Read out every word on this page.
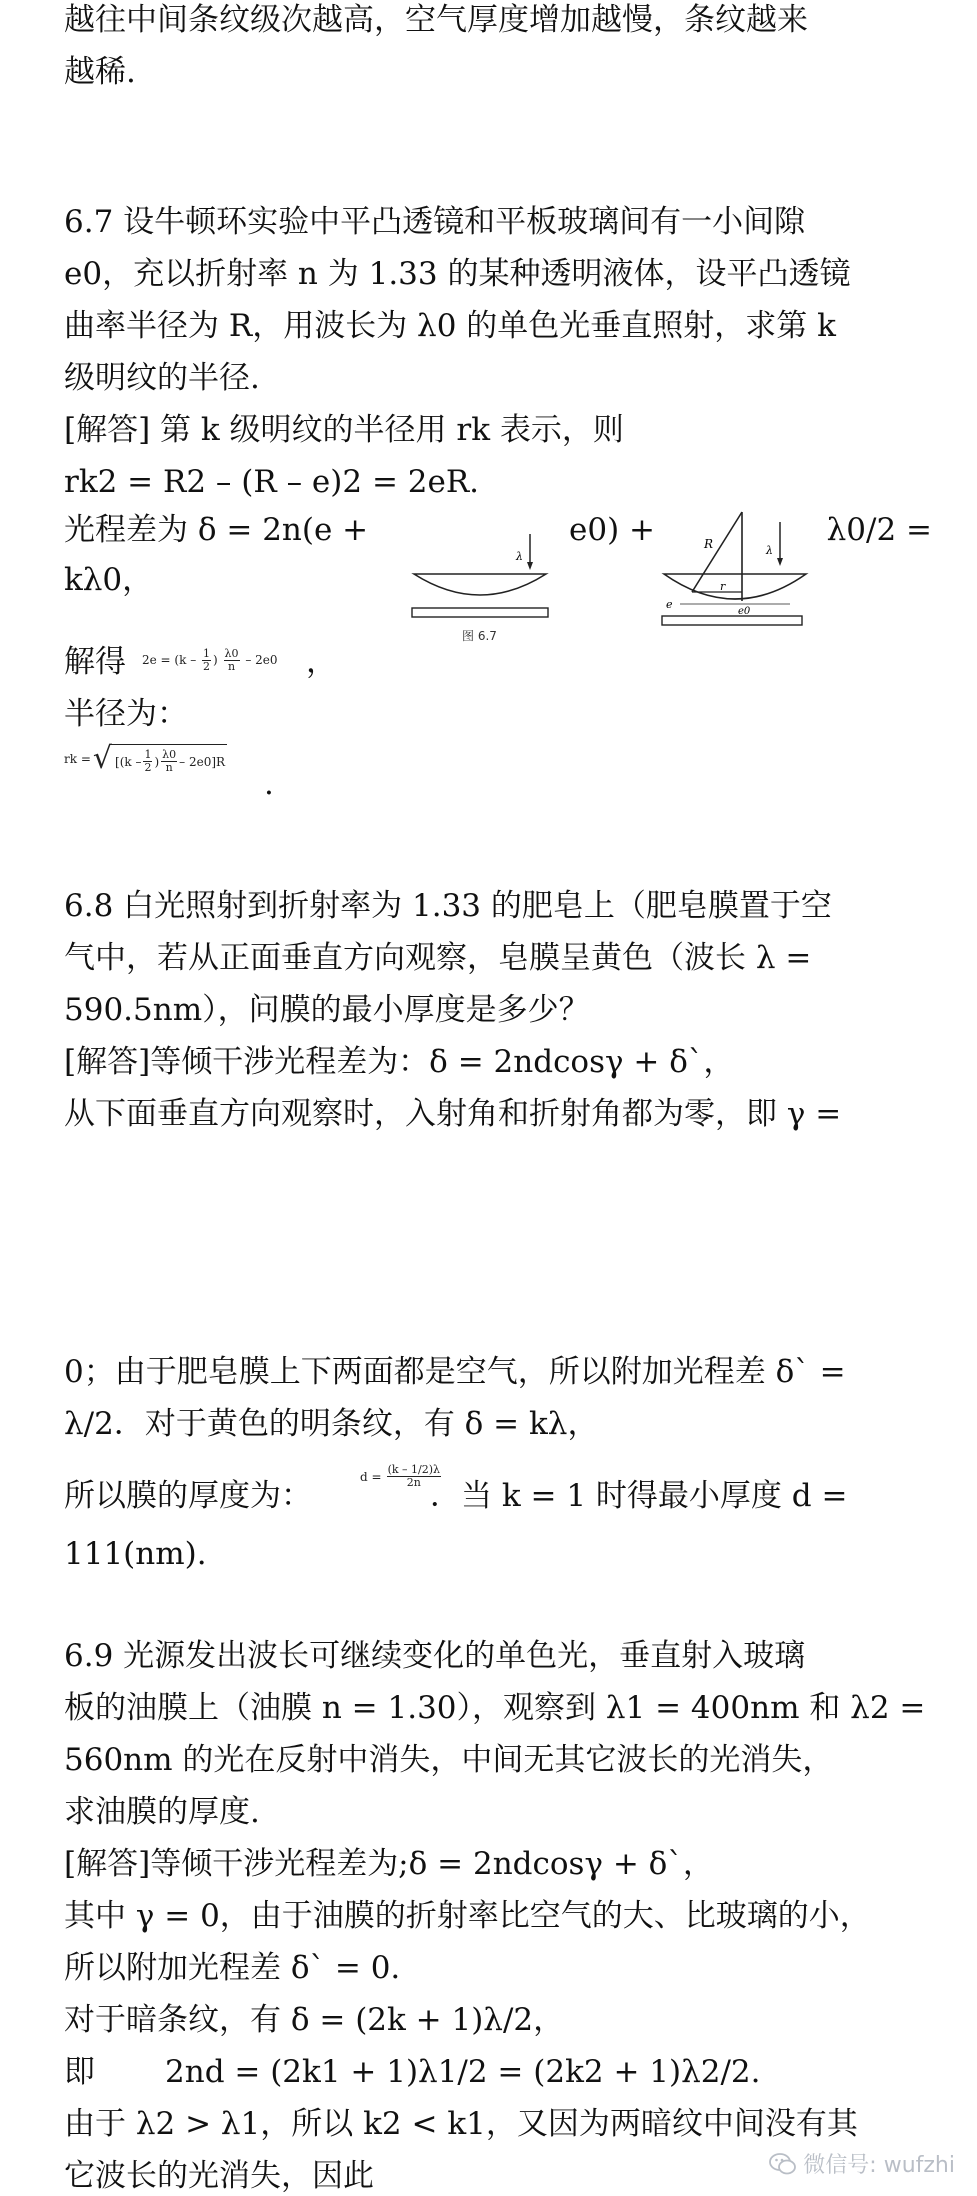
越往中间条纹级次越高，空气厚度增加越慢，条纹越来
越稀.
6.7 设牛顿环实验中平凸透镜和平板玻璃间有一小间隙
e0，充以折射率 n 为 1.33 的某种透明液体，设平凸透镜
曲率半径为 R，用波长为 λ0 的单色光垂直照射，求第 k
级明纹的半径.
[解答] 第 k 级明纹的半径用 rk 表示，则
rk2 = R2 – (R – e)2 = 2eR.
光程差为 δ = 2n(e +	e0) +	λ0/2 =
kλ0，
λ
图 6.7
R	λ
r
e
e0
解得	，
$2e = (k - \frac{1}{2}$ ) $\frac{\lambda 0}{n} - 2e0$
半径为：
rk = √ [($k - \frac{1}{2}$ ) $\frac{\lambda 0}{n} - 2e0]R$
.
6.8 白光照射到折射率为 1.33 的肥皂上（肥皂膜置于空
气中，若从正面垂直方向观察，皂膜呈黄色（波长 λ =
590.5nm），问膜的最小厚度是多少？
[解答]等倾干涉光程差为：δ = 2ndcosγ + δ`，
从下面垂直方向观察时，入射角和折射角都为零，即 γ =
0；由于肥皂膜上下两面都是空气，所以附加光程差 δ` =
λ/2．对于黄色的明条纹，有 δ = kλ，
所以膜的厚度为：	．当 k = 1 时得最小厚度 d =
$d = \frac{(k - 1/2)\lambda}{2n}$
111(nm).
6.9 光源发出波长可继续变化的单色光，垂直射入玻璃
板的油膜上（油膜 n = 1.30），观察到 λ1 = 400nm 和 λ2 =
560nm 的光在反射中消失，中间无其它波长的光消失，
求油膜的厚度.
[解答]等倾干涉光程差为;δ = 2ndcosγ + δ`，
其中 γ = 0，由于油膜的折射率比空气的大、比玻璃的小，
所以附加光程差 δ` = 0.
对于暗条纹，有 δ = (2k + 1)λ/2，
即 2nd = (2k1 + 1)λ1/2 = (2k2 + 1)λ2/2.
由于 λ2 > λ1，所以 k2 < k1，又因为两暗纹中间没有其
它波长的光消失，因此	微信号: wufzhi
